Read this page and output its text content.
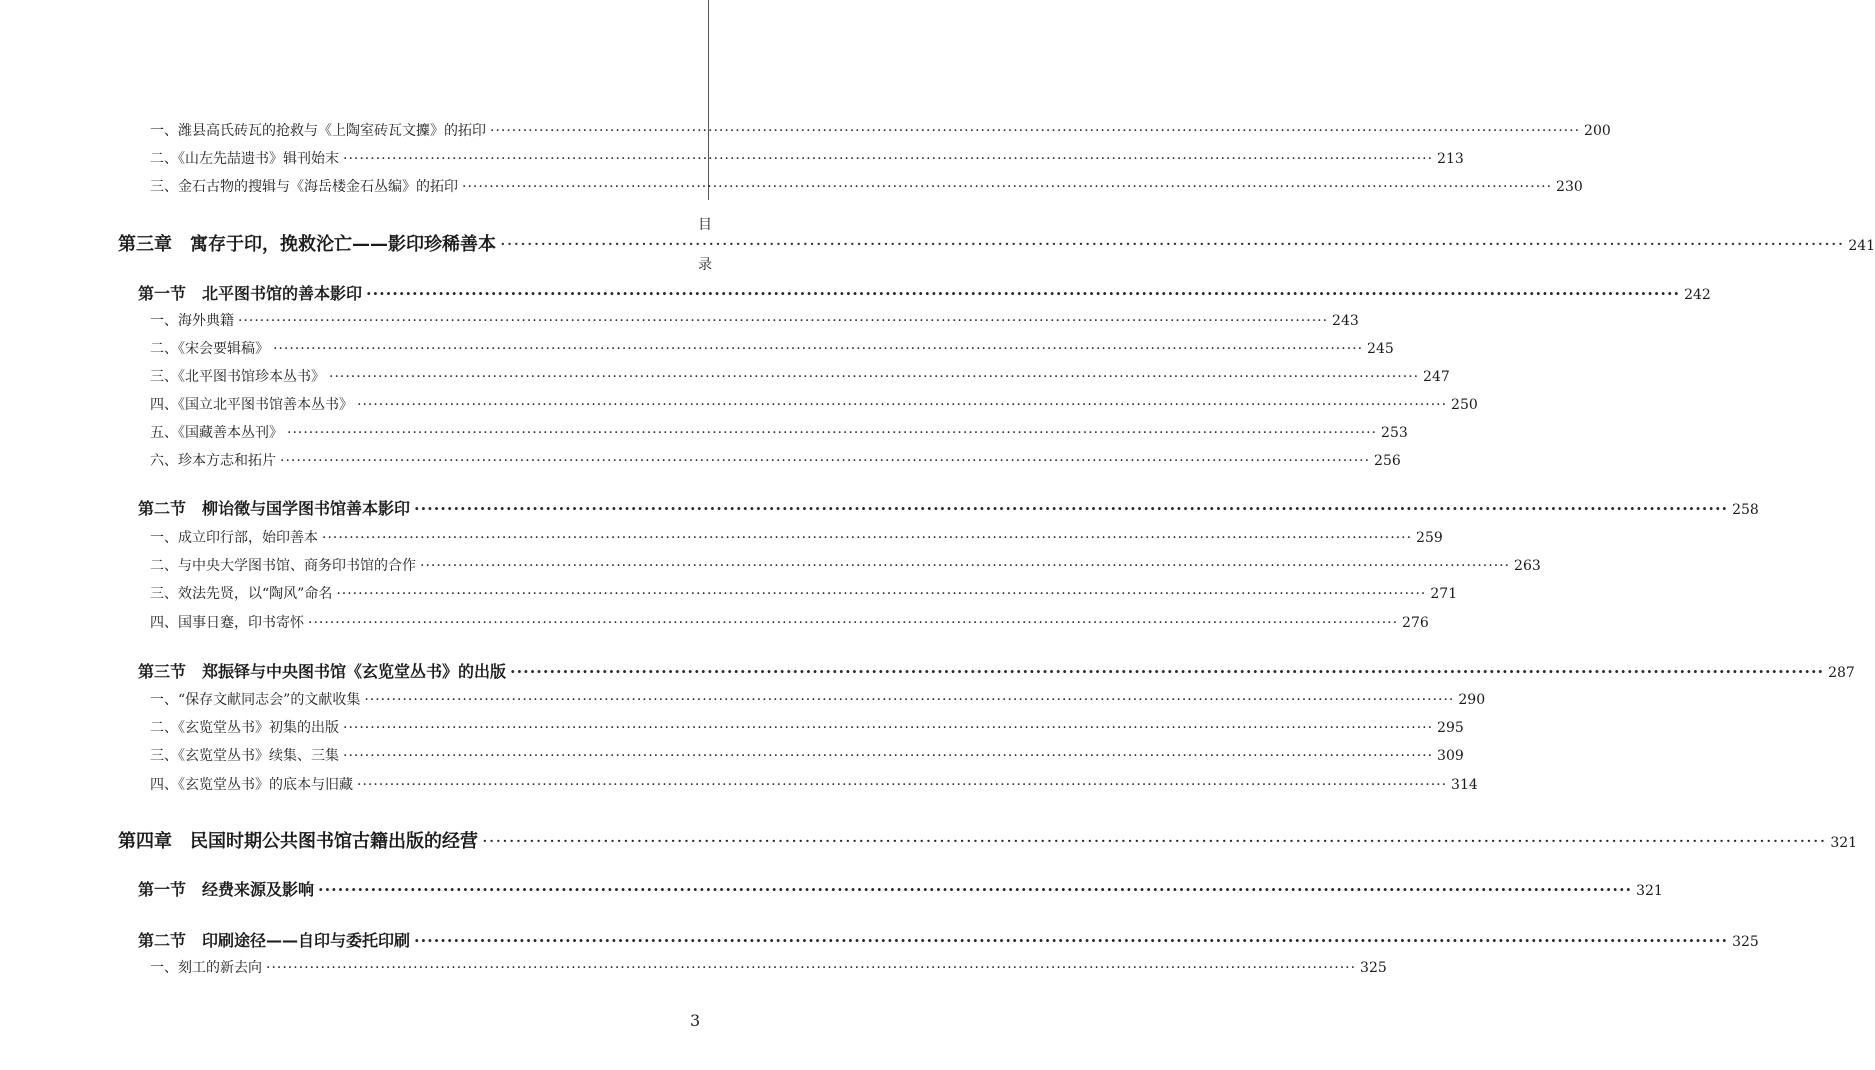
目
录
一、潍县高氏砖瓦的抢救与《上陶室砖瓦文攈》的拓印 ········································································································································································································ 200
二、《山左先喆遗书》辑刊始末 ········································································································································································································ 213
三、金石古物的搜辑与《海岳楼金石丛编》的拓印 ········································································································································································································ 230
第三章　寓存于印，挽救沦亡——影印珍稀善本 ········································································································································································································ 241
第一节　北平图书馆的善本影印 ········································································································································································································ 242
一、海外典籍 ········································································································································································································ 243
二、《宋会要辑稿》 ········································································································································································································ 245
三、《北平图书馆珍本丛书》 ········································································································································································································ 247
四、《国立北平图书馆善本丛书》 ········································································································································································································ 250
五、《国藏善本丛刊》 ········································································································································································································ 253
六、珍本方志和拓片 ········································································································································································································ 256
第二节　柳诒徵与国学图书馆善本影印 ········································································································································································································ 258
一、成立印行部，始印善本 ········································································································································································································ 259
二、与中央大学图书馆、商务印书馆的合作 ········································································································································································································ 263
三、效法先贤，以“陶风”命名 ········································································································································································································ 271
四、国事日蹇，印书寄怀 ········································································································································································································ 276
第三节　郑振铎与中央图书馆《玄览堂丛书》的出版 ········································································································································································································ 287
一、“保存文献同志会”的文献收集 ········································································································································································································ 290
二、《玄览堂丛书》初集的出版 ········································································································································································································ 295
三、《玄览堂丛书》续集、三集 ········································································································································································································ 309
四、《玄览堂丛书》的底本与旧藏 ········································································································································································································ 314
第四章　民国时期公共图书馆古籍出版的经营 ········································································································································································································ 321
第一节　经费来源及影响 ········································································································································································································ 321
第二节　印刷途径——自印与委托印刷 ········································································································································································································ 325
一、刻工的新去向 ········································································································································································································ 325
3
